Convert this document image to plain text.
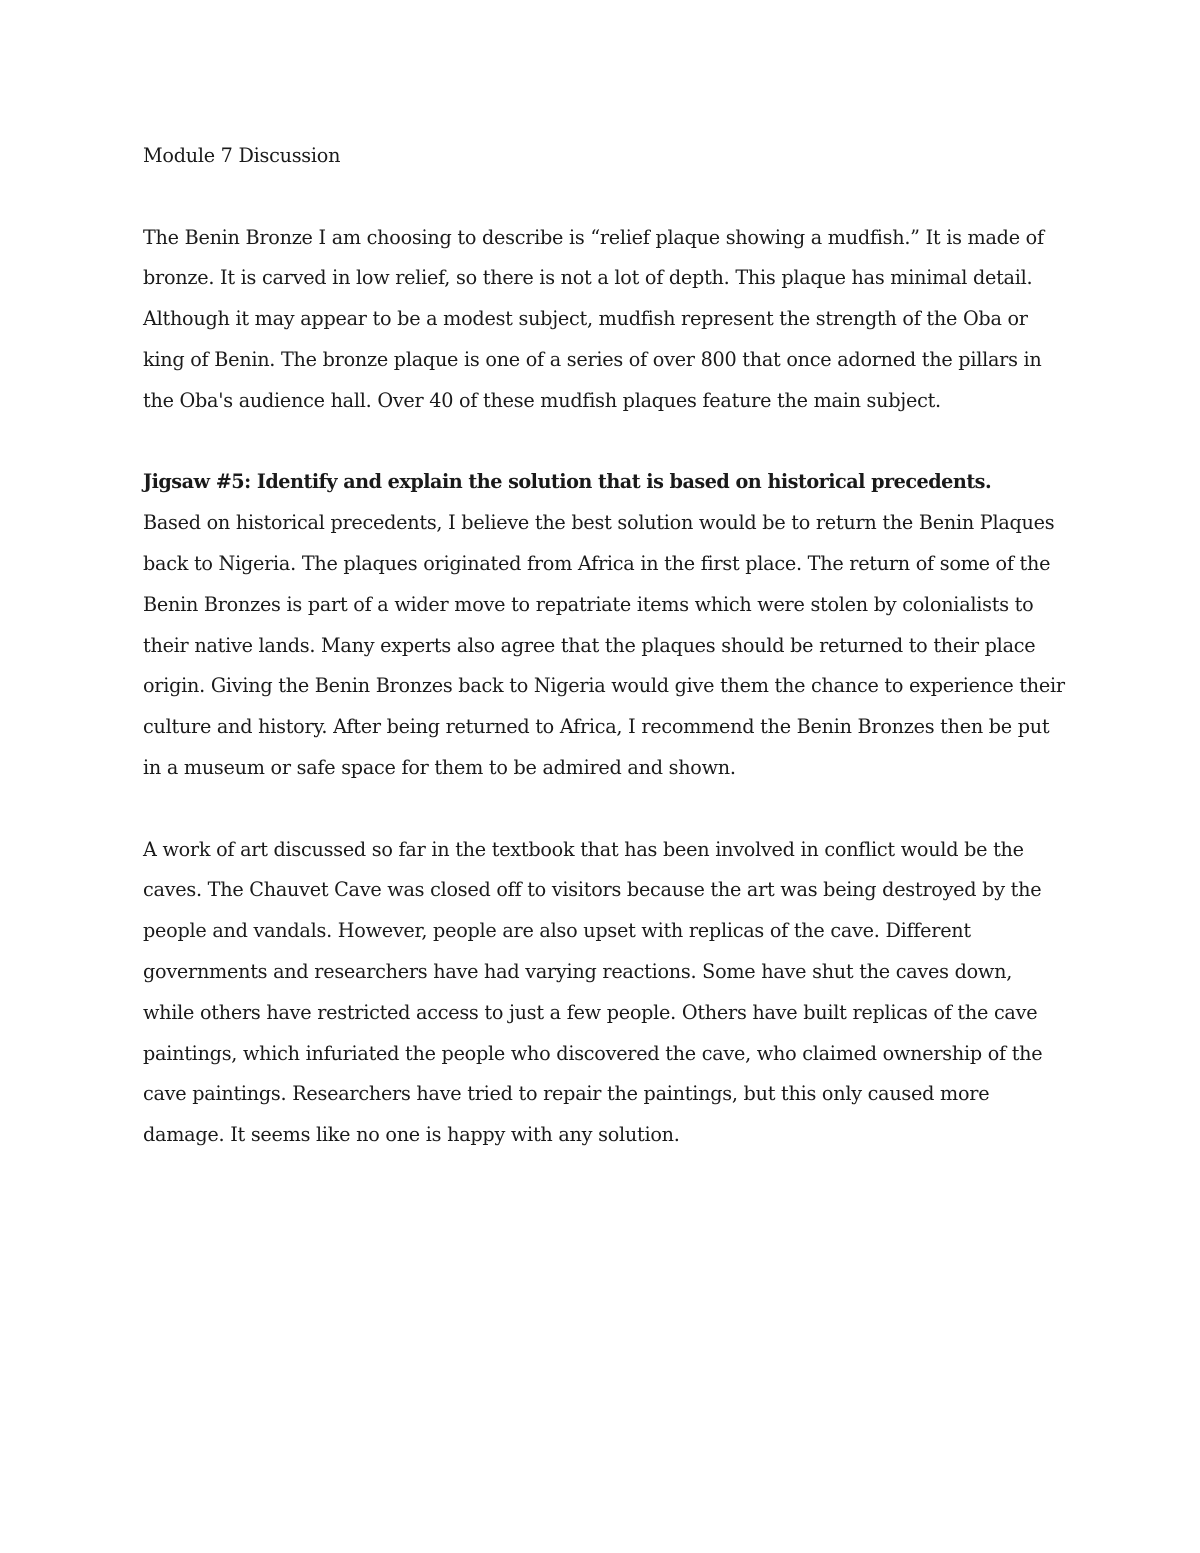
Module 7 Discussion

The Benin Bronze I am choosing to describe is “relief plaque showing a mudfish.” It is made of bronze. It is carved in low relief, so there is not a lot of depth. This plaque has minimal detail. Although it may appear to be a modest subject, mudfish represent the strength of the Oba or king of Benin. The bronze plaque is one of a series of over 800 that once adorned the pillars in the Oba's audience hall. Over 40 of these mudfish plaques feature the main subject.

Jigsaw #5: Identify and explain the solution that is based on historical precedents.

Based on historical precedents, I believe the best solution would be to return the Benin Plaques back to Nigeria. The plaques originated from Africa in the first place. The return of some of the Benin Bronzes is part of a wider move to repatriate items which were stolen by colonialists to their native lands. Many experts also agree that the plaques should be returned to their place origin. Giving the Benin Bronzes back to Nigeria would give them the chance to experience their culture and history. After being returned to Africa, I recommend the Benin Bronzes then be put in a museum or safe space for them to be admired and shown.

A work of art discussed so far in the textbook that has been involved in conflict would be the caves. The Chauvet Cave was closed off to visitors because the art was being destroyed by the people and vandals. However, people are also upset with replicas of the cave. Different governments and researchers have had varying reactions. Some have shut the caves down, while others have restricted access to just a few people. Others have built replicas of the cave paintings, which infuriated the people who discovered the cave, who claimed ownership of the cave paintings. Researchers have tried to repair the paintings, but this only caused more damage. It seems like no one is happy with any solution.
